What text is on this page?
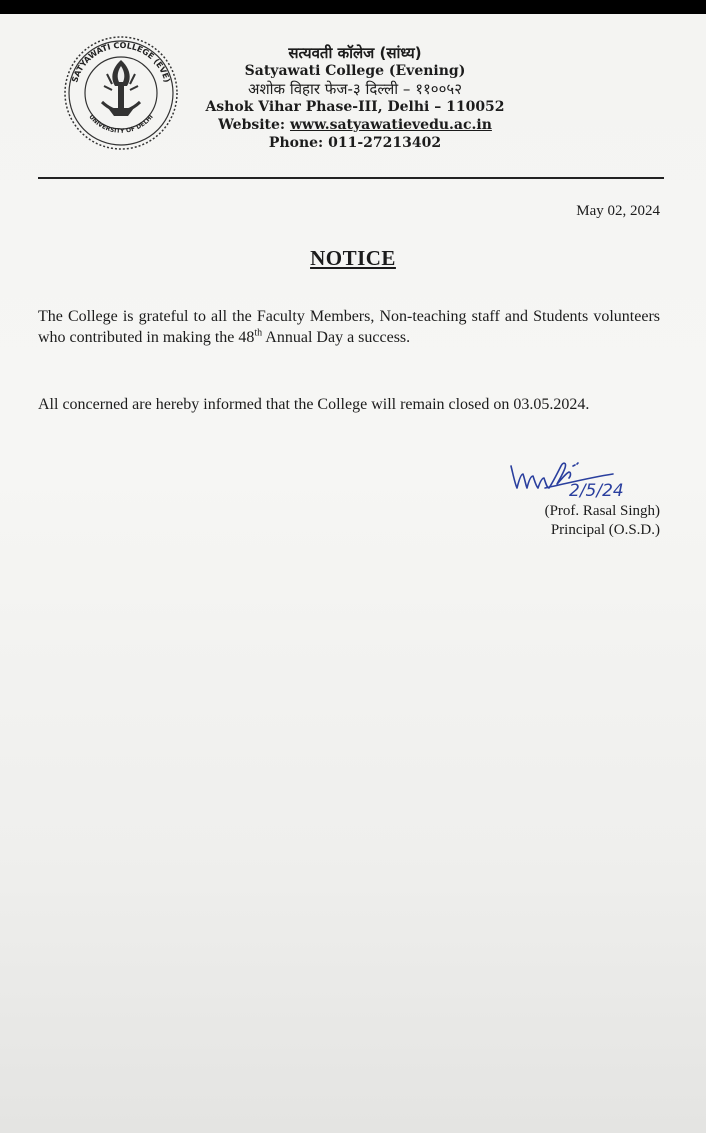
SATYAWATI COLLEGE (EVE)
UNIVERSITY OF DELHI
सत्यवती कॉलेज (सांध्य)
Satyawati College (Evening)
अशोक विहार फेज-३ दिल्ली – ११००५२
Ashok Vihar Phase-III, Delhi – 110052
Website: www.satyawatievedu.ac.in
Phone: 011-27213402
May 02, 2024
NOTICE
The College is grateful to all the Faculty Members, Non-teaching staff and Students volunteers who contributed in making the 48th Annual Day a success.
All concerned are hereby informed that the College will remain closed on 03.05.2024.
2/5/24
(Prof. Rasal Singh)
Principal (O.S.D.)
